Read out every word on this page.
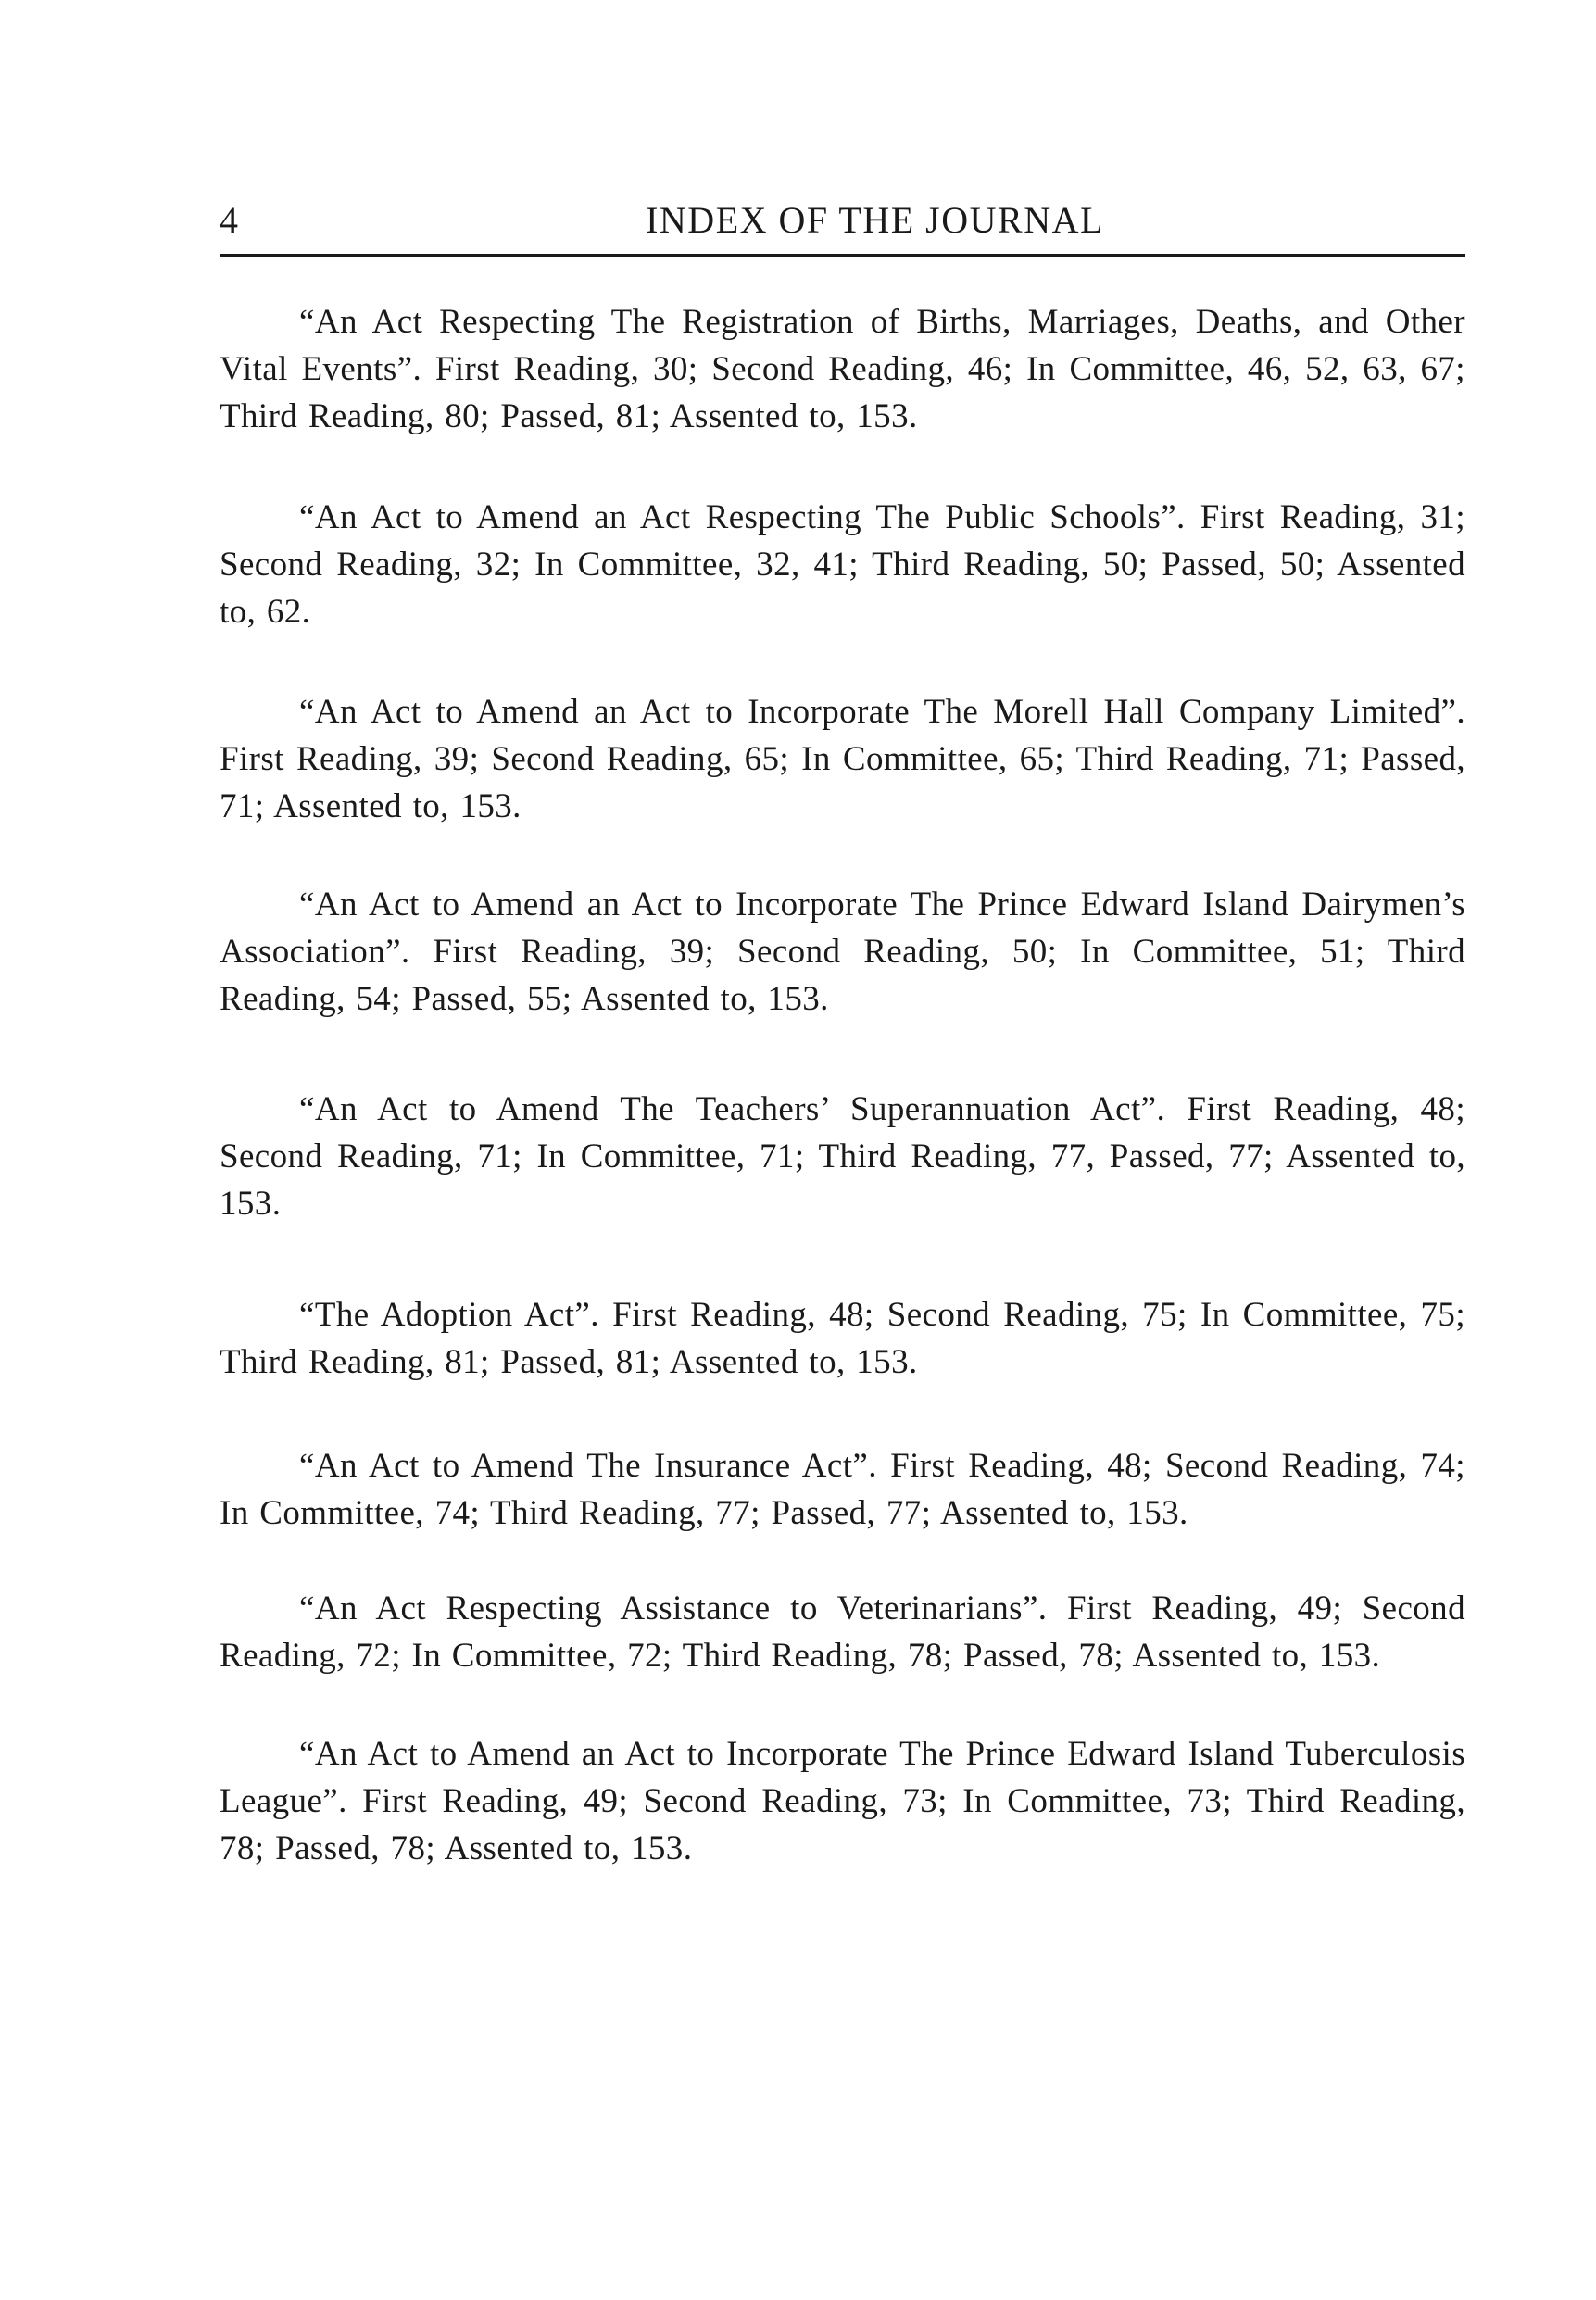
4	INDEX OF THE JOURNAL

“An Act Respecting The Registration of Births, Marriages, Deaths, and Other Vital Events”. First Reading, 30; Second Reading, 46; In Committee, 46, 52, 63, 67; Third Reading, 80; Passed, 81; Assented to, 153.

“An Act to Amend an Act Respecting The Public Schools”. First Reading, 31; Second Reading, 32; In Committee, 32, 41; Third Reading, 50; Passed, 50; Assented to, 62.

“An Act to Amend an Act to Incorporate The Morell Hall Company Limited”. First Reading, 39; Second Reading, 65; In Committee, 65; Third Reading, 71; Passed, 71; Assented to, 153.

“An Act to Amend an Act to Incorporate The Prince Edward Island Dairymen’s Association”. First Reading, 39; Second Reading, 50; In Committee, 51; Third Reading, 54; Passed, 55; Assented to, 153.

“An Act to Amend The Teachers’ Superannuation Act”. First Reading, 48; Second Reading, 71; In Committee, 71; Third Reading, 77, Passed, 77; Assented to, 153.

“The Adoption Act”. First Reading, 48; Second Reading, 75; In Committee, 75; Third Reading, 81; Passed, 81; Assented to, 153.

“An Act to Amend The Insurance Act”. First Reading, 48; Second Reading, 74; In Committee, 74; Third Reading, 77; Passed, 77; Assented to, 153.

“An Act Respecting Assistance to Veterinarians”. First Reading, 49; Second Reading, 72; In Committee, 72; Third Reading, 78; Passed, 78; Assented to, 153.

“An Act to Amend an Act to Incorporate The Prince Edward Island Tuberculosis League”. First Reading, 49; Second Reading, 73; In Committee, 73; Third Reading, 78; Passed, 78; Assented to, 153.
